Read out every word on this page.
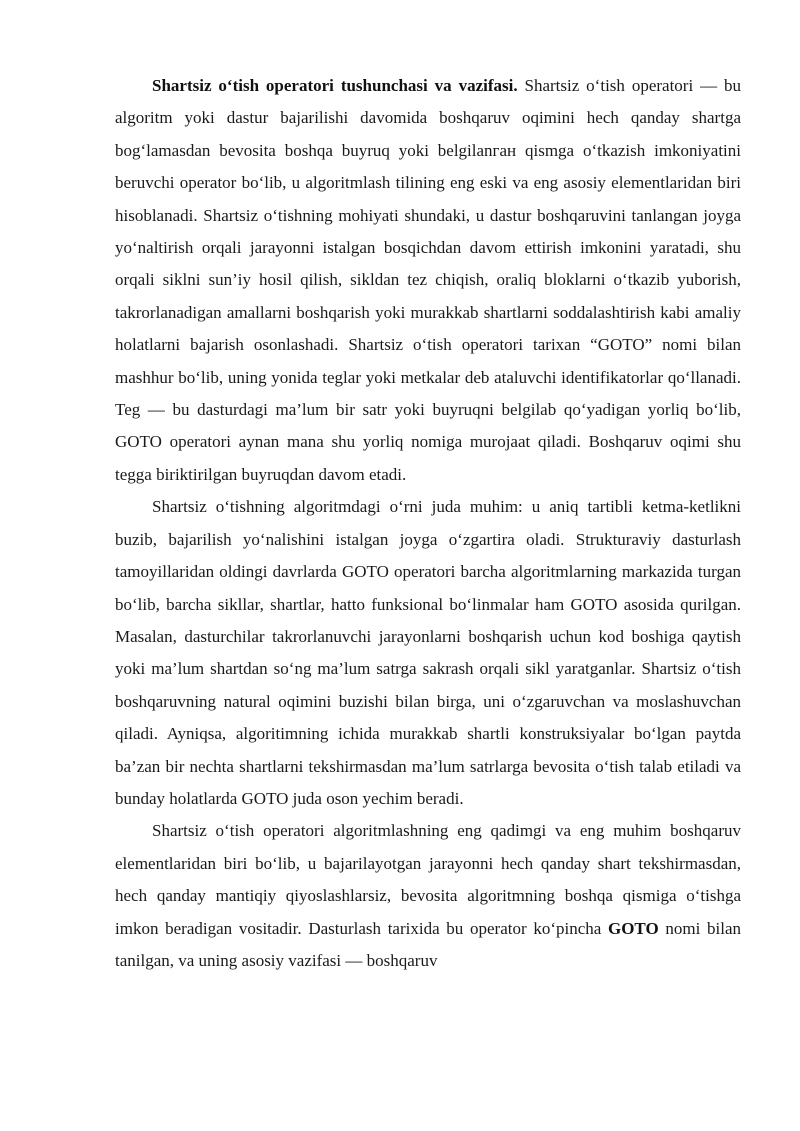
Shartsiz o‘tish operatori tushunchasi va vazifasi. Shartsiz o‘tish operatori — bu algoritm yoki dastur bajarilishi davomida boshqaruv oqimini hech qanday shartga bog‘lamasdan bevosita boshqa buyruq yoki belgilanган qismga o‘tkazish imkoniyatini beruvchi operator bo‘lib, u algoritmlash tilining eng eski va eng asosiy elementlaridan biri hisoblanadi. Shartsiz o‘tishning mohiyati shundaki, u dastur boshqaruvini tanlangan joyga yo‘naltirish orqali jarayonni istalgan bosqichdan davom ettirish imkonini yaratadi, shu orqali siklni sun’iy hosil qilish, sikldan tez chiqish, oraliq bloklarni o‘tkazib yuborish, takrorlanadigan amallarni boshqarish yoki murakkab shartlarni soddalashtirish kabi amaliy holatlarni bajarish osonlashadi. Shartsiz o‘tish operatori tarixan “GOTO” nomi bilan mashhur bo‘lib, uning yonida teglar yoki metkalar deb ataluvchi identifikatorlar qo‘llanadi. Teg — bu dasturdagi ma’lum bir satr yoki buyruqni belgilab qo‘yadigan yorliq bo‘lib, GOTO operatori aynan mana shu yorliq nomiga murojaat qiladi. Boshqaruv oqimi shu tegga biriktirilgan buyruqdan davom etadi.

Shartsiz o‘tishning algoritmdagi o‘rni juda muhim: u aniq tartibli ketma-ketlikni buzib, bajarilish yo‘nalishini istalgan joyga o‘zgartira oladi. Strukturaviy dasturlash tamoyillaridan oldingi davrlarda GOTO operatori barcha algoritmlarning markazida turgan bo‘lib, barcha sikllar, shartlar, hatto funksional bo‘linmalar ham GOTO asosida qurilgan. Masalan, dasturchilar takrorlanuvchi jarayonlarni boshqarish uchun kod boshiga qaytish yoki ma’lum shartdan so‘ng ma’lum satrga sakrash orqali sikl yaratganlar. Shartsiz o‘tish boshqaruvning natural oqimini buzishi bilan birga, uni o‘zgaruvchan va moslashuvchan qiladi. Ayniqsa, algoritimning ichida murakkab shartli konstruksiyalar bo‘lgan paytda ba’zan bir nechta shartlarni tekshirmasdan ma’lum satrlarga bevosita o‘tish talab etiladi va bunday holatlarda GOTO juda oson yechim beradi.

Shartsiz o‘tish operatori algoritmlashning eng qadimgi va eng muhim boshqaruv elementlaridan biri bo‘lib, u bajarilayotgan jarayonni hech qanday shart tekshirmasdan, hech qanday mantiqiy qiyoslashlarsiz, bevosita algoritmning boshqa qismiga o‘tishga imkon beradigan vositadir. Dasturlash tarixida bu operator ko‘pincha GOTO nomi bilan tanilgan, va uning asosiy vazifasi — boshqaruv
